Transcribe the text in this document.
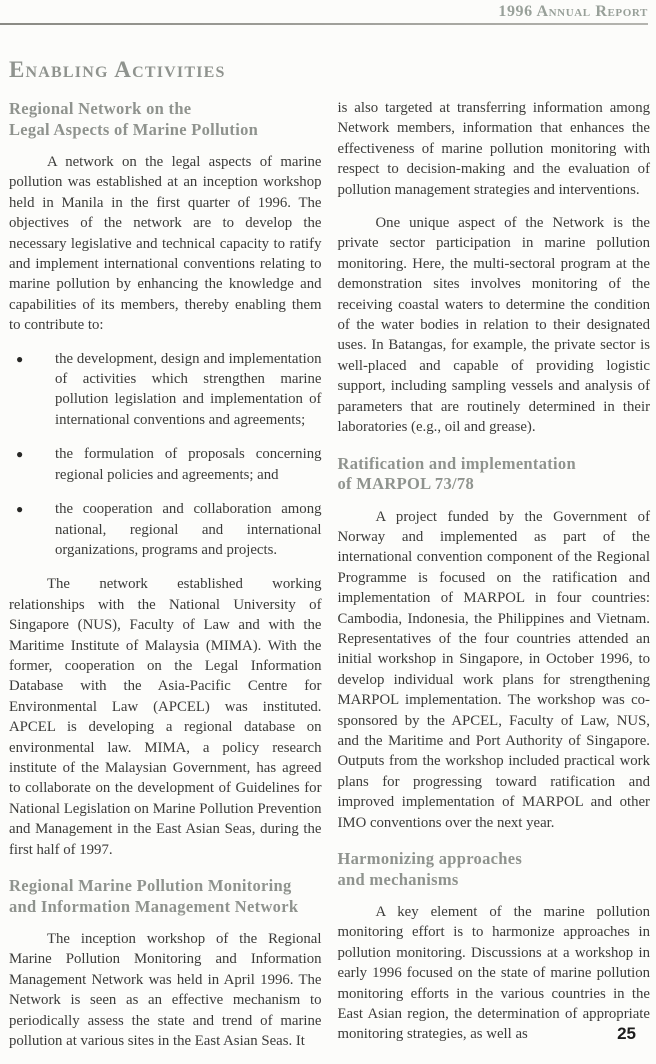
1996 Annual Report
Enabling Activities
Regional Network on the
Legal Aspects of Marine Pollution

A network on the legal aspects of marine pollution was established at an inception workshop held in Manila in the first quarter of 1996. The objectives of the network are to develop the necessary legislative and technical capacity to ratify and implement international conventions relating to marine pollution by enhancing the knowledge and capabilities of its members, thereby enabling them to contribute to:

●	the development, design and implementation of activities which strengthen marine pollution legislation and implementation of international conventions and agreements;
●	the formulation of proposals concerning regional policies and agreements; and
●	the cooperation and collaboration among national, regional and international organizations, programs and projects.

The network established working relationships with the National University of Singapore (NUS), Faculty of Law and with the Maritime Institute of Malaysia (MIMA). With the former, cooperation on the Legal Information Database with the Asia-Pacific Centre for Environmental Law (APCEL) was instituted. APCEL is developing a regional database on environmental law. MIMA, a policy research institute of the Malaysian Government, has agreed to collaborate on the development of Guidelines for National Legislation on Marine Pollution Prevention and Management in the East Asian Seas, during the first half of 1997.

Regional Marine Pollution Monitoring
and Information Management Network

The inception workshop of the Regional Marine Pollution Monitoring and Information Management Network was held in April 1996. The Network is seen as an effective mechanism to periodically assess the state and trend of marine pollution at various sites in the East Asian Seas. It

is also targeted at transferring information among Network members, information that enhances the effectiveness of marine pollution monitoring with respect to decision-making and the evaluation of pollution management strategies and interventions.

One unique aspect of the Network is the private sector participation in marine pollution monitoring. Here, the multi-sectoral program at the demonstration sites involves monitoring of the receiving coastal waters to determine the condition of the water bodies in relation to their designated uses. In Batangas, for example, the private sector is well-placed and capable of providing logistic support, including sampling vessels and analysis of parameters that are routinely determined in their laboratories (e.g., oil and grease).

Ratification and implementation
of MARPOL 73/78

A project funded by the Government of Norway and implemented as part of the international convention component of the Regional Programme is focused on the ratification and implementation of MARPOL in four countries: Cambodia, Indonesia, the Philippines and Vietnam. Representatives of the four countries attended an initial workshop in Singapore, in October 1996, to develop individual work plans for strengthening MARPOL implementation. The workshop was co-sponsored by the APCEL, Faculty of Law, NUS, and the Maritime and Port Authority of Singapore. Outputs from the workshop included practical work plans for progressing toward ratification and improved implementation of MARPOL and other IMO conventions over the next year.

Harmonizing approaches
and mechanisms

A key element of the marine pollution monitoring effort is to harmonize approaches in pollution monitoring. Discussions at a workshop in early 1996 focused on the state of marine pollution monitoring efforts in the various countries in the East Asian region, the determination of appropriate monitoring strategies, as well as	25
